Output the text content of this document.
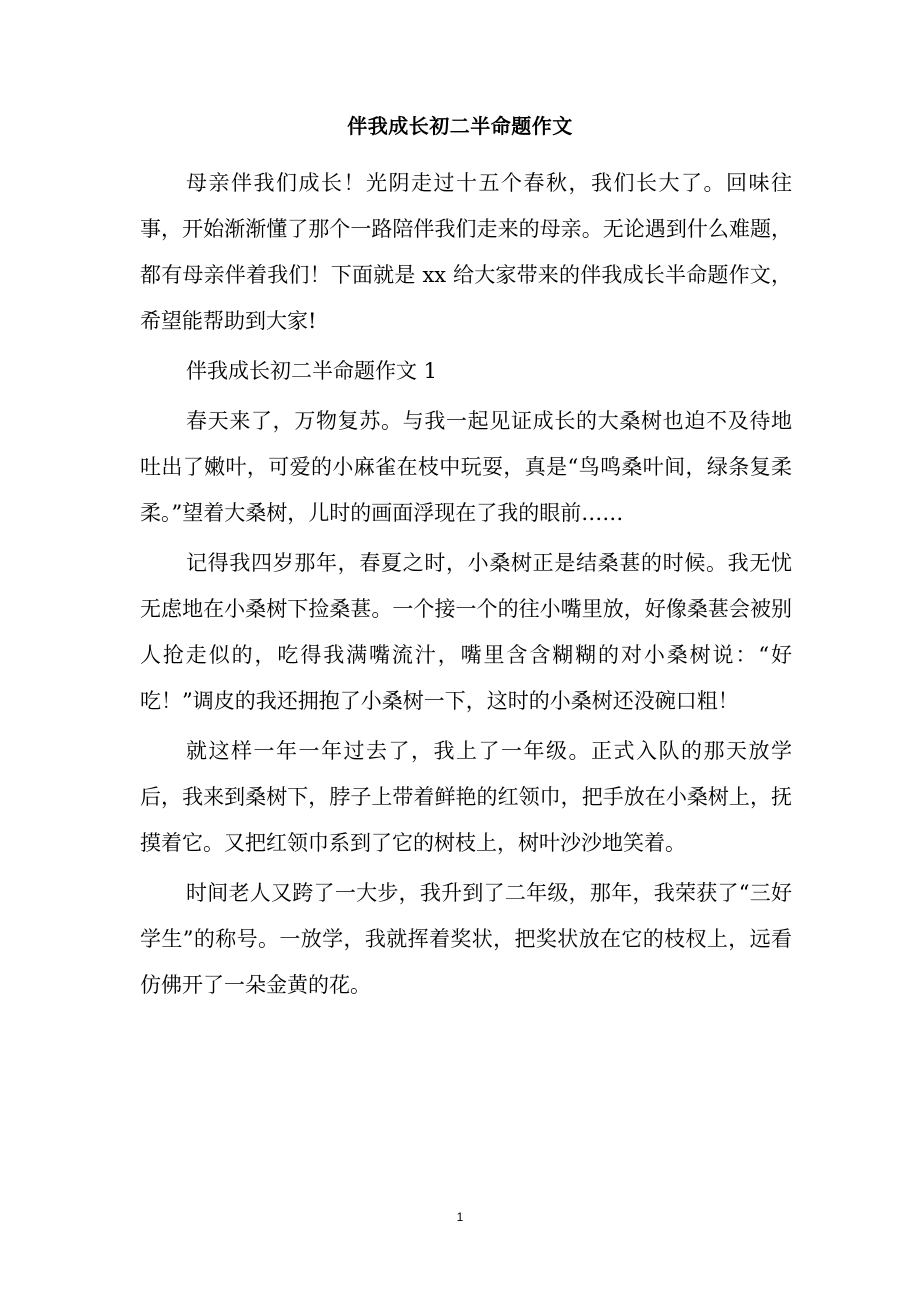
伴我成长初二半命题作文

母亲伴我们成长！光阴走过十五个春秋，我们长大了。回味往事，开始渐渐懂了那个一路陪伴我们走来的母亲。无论遇到什么难题，都有母亲伴着我们！下面就是 xx 给大家带来的伴我成长半命题作文，希望能帮助到大家!

伴我成长初二半命题作文 1

春天来了，万物复苏。与我一起见证成长的大桑树也迫不及待地吐出了嫩叶，可爱的小麻雀在枝中玩耍，真是“鸟鸣桑叶间，绿条复柔柔。”望着大桑树，儿时的画面浮现在了我的眼前……

记得我四岁那年，春夏之时，小桑树正是结桑葚的时候。我无忧无虑地在小桑树下捡桑葚。一个接一个的往小嘴里放，好像桑葚会被别人抢走似的，吃得我满嘴流汁，嘴里含含糊糊的对小桑树说：“好吃！”调皮的我还拥抱了小桑树一下，这时的小桑树还没碗口粗！

就这样一年一年过去了，我上了一年级。正式入队的那天放学后，我来到桑树下，脖子上带着鲜艳的红领巾，把手放在小桑树上，抚摸着它。又把红领巾系到了它的树枝上，树叶沙沙地笑着。

时间老人又跨了一大步，我升到了二年级，那年，我荣获了“三好学生”的称号。一放学，我就挥着奖状，把奖状放在它的枝杈上，远看仿佛开了一朵金黄的花。

1
